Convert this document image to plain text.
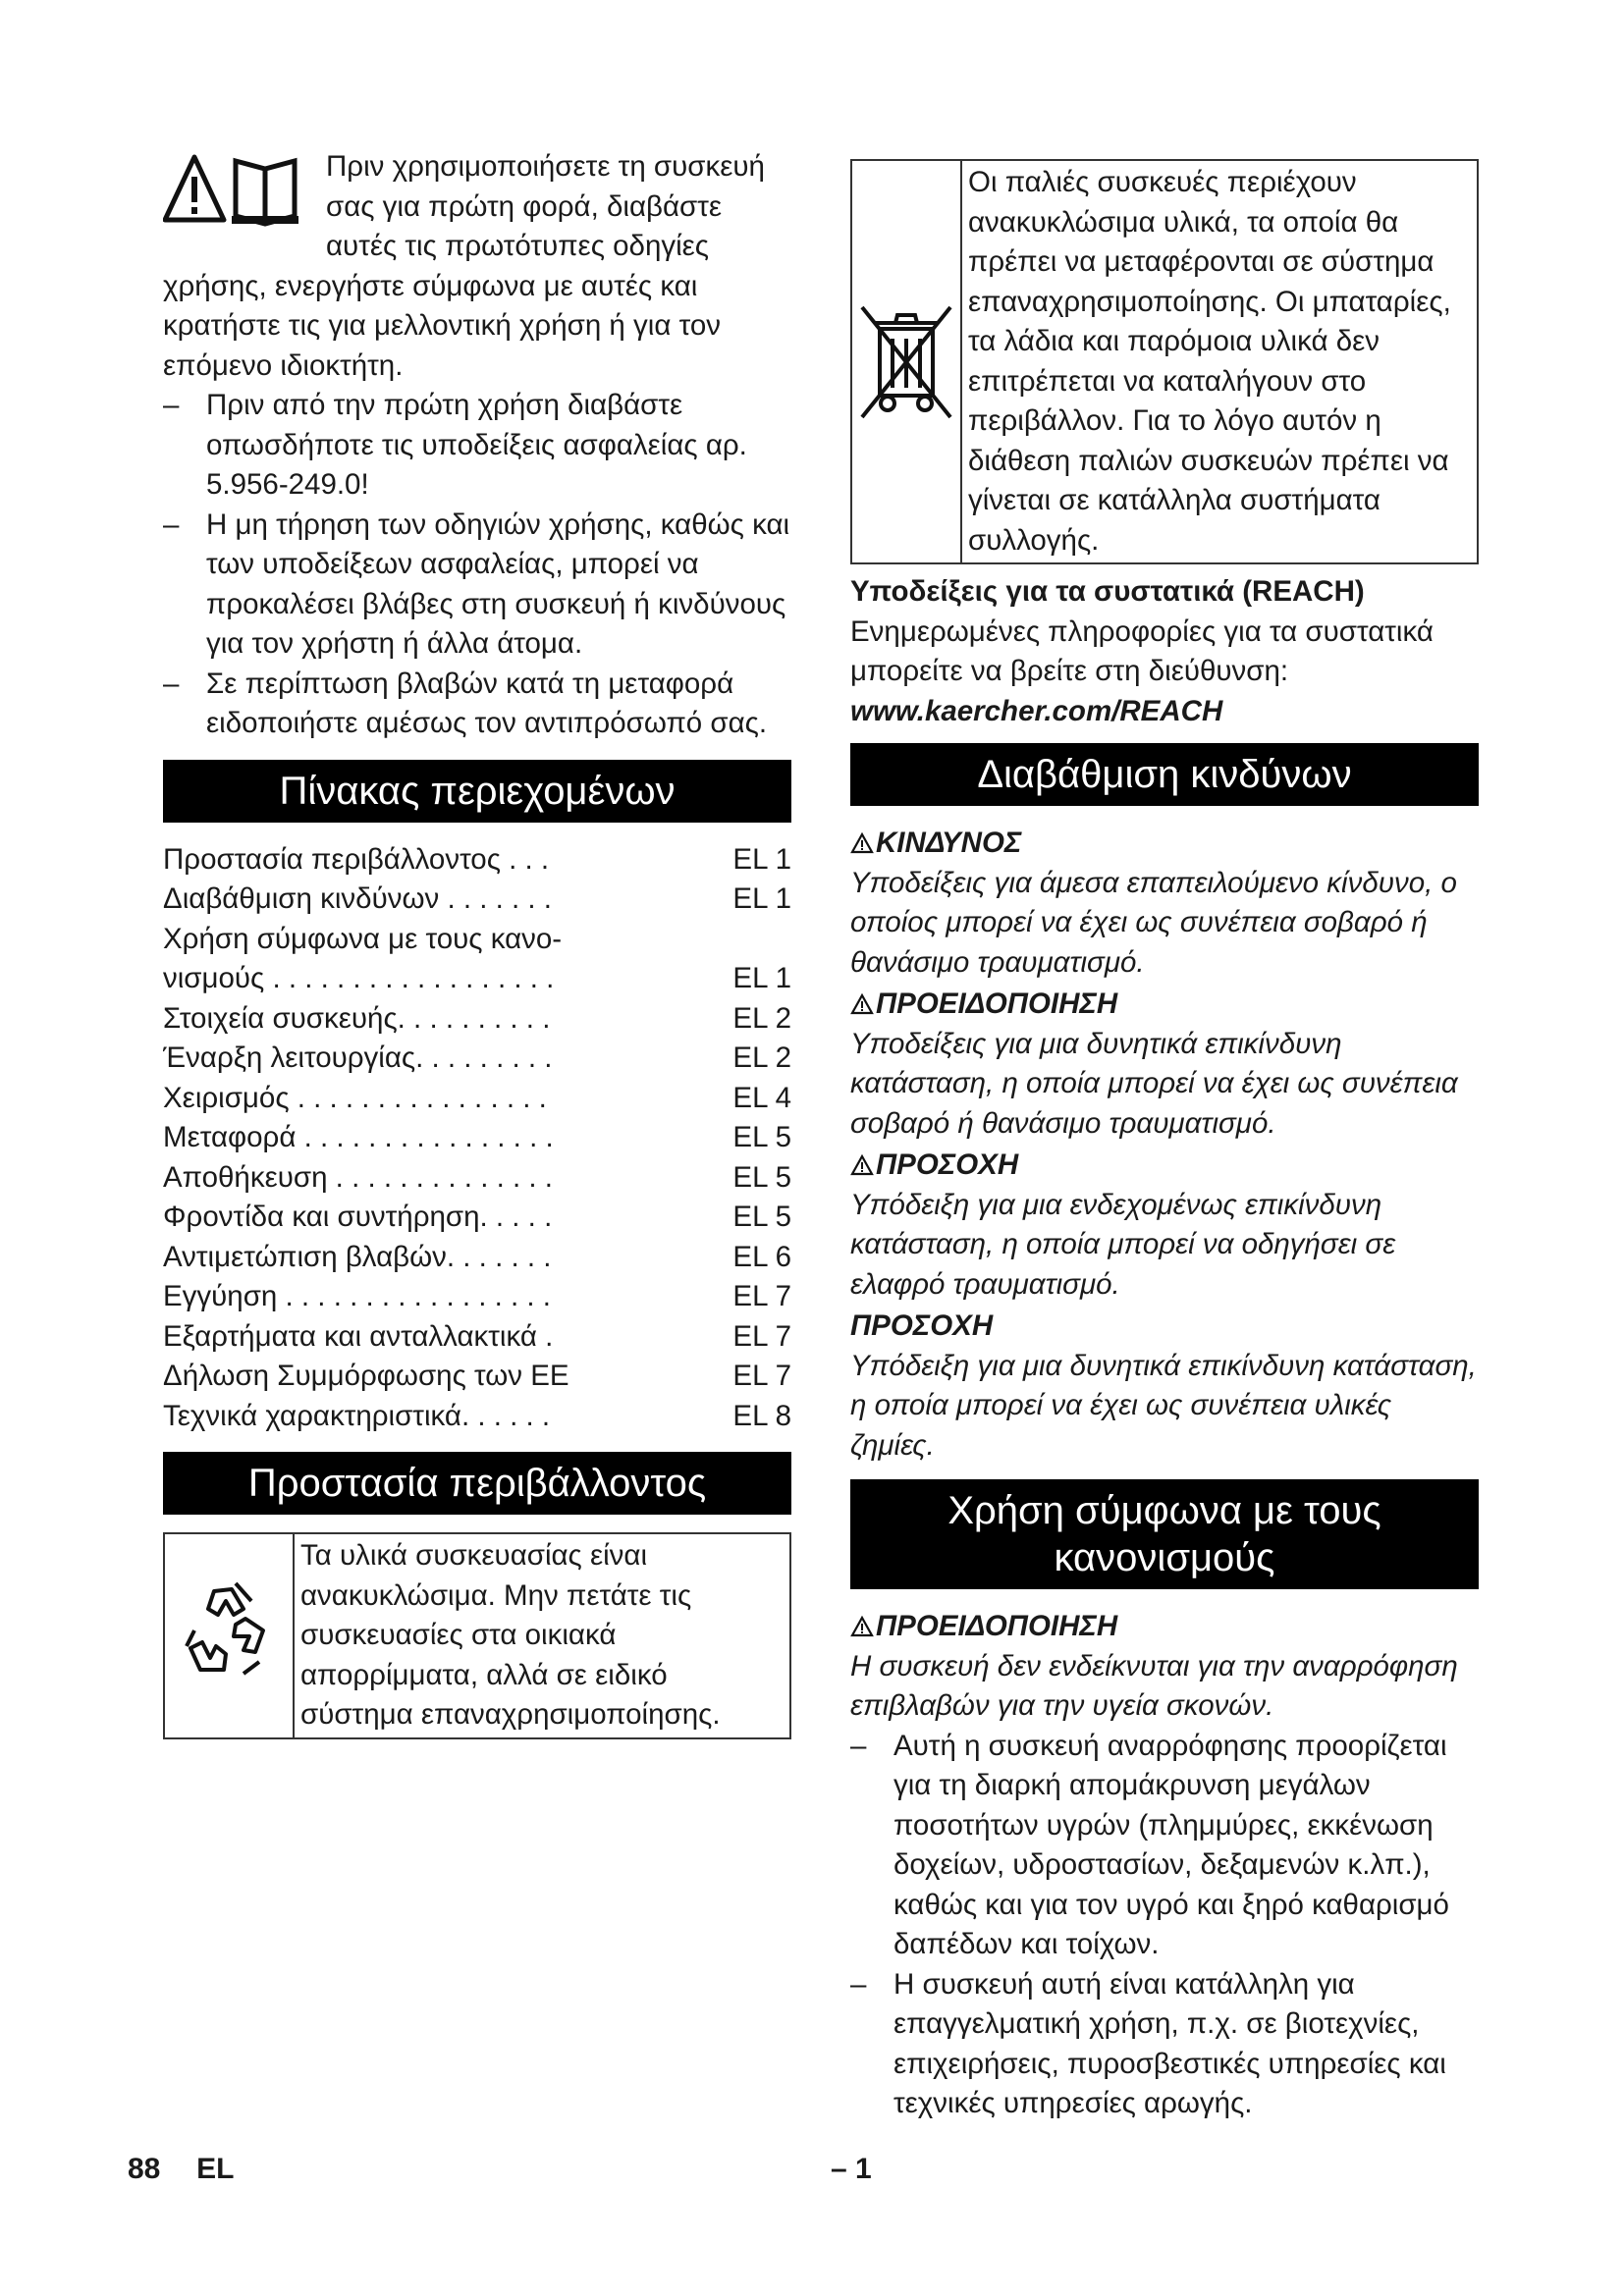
Πριν χρησιμοποιήσετε τη συσκευή σας για πρώτη φορά, διαβάστε αυτές τις πρωτότυπες οδηγίες χρήσης, ενεργήστε σύμφωνα με αυτές και κρατήστε τις για μελλοντική χρήση ή για τον επόμενο ιδιοκτήτη.

– Πριν από την πρώτη χρήση διαβάστε οπωσδήποτε τις υποδείξεις ασφαλείας αρ. 5.956-249.0!
– Η μη τήρηση των οδηγιών χρήσης, καθώς και των υποδείξεων ασφαλείας, μπορεί να προκαλέσει βλάβες στη συσκευή ή κινδύνους για τον χρήστη ή άλλα άτομα.
– Σε περίπτωση βλαβών κατά τη μεταφορά ειδοποιήστε αμέσως τον αντιπρόσωπό σας.
Πίνακας περιεχομένων
Προστασία περιβάλλοντος . . .	EL 1
Διαβάθμιση κινδύνων . . . . . . .	EL 1
Χρήση σύμφωνα με τους κανο-
νισμούς . . . . . . . . . . . . . . . . . .	EL 1
Στοιχεία συσκευής. . . . . . . . . .	EL 2
Έναρξη λειτουργίας. . . . . . . . .	EL 2
Χειρισμός . . . . . . . . . . . . . . . .	EL 4
Μεταφορά . . . . . . . . . . . . . . . .	EL 5
Αποθήκευση . . . . . . . . . . . . . .	EL 5
Φροντίδα και συντήρηση. . . . .	EL 5
Αντιμετώπιση βλαβών. . . . . . .	EL 6
Εγγύηση . . . . . . . . . . . . . . . . .	EL 7
Εξαρτήματα και ανταλλακτικά .	EL 7
Δήλωση Συμμόρφωσης των ΕΕ	EL 7
Τεχνικά χαρακτηριστικά. . . . . .	EL 8
Προστασία περιβάλλοντος
Τα υλικά συσκευασίας είναι ανακυκλώσιμα. Μην πετάτε τις συσκευασίες στα οικιακά απορρίμματα, αλλά σε ειδικό σύστημα επαναχρησιμοποίησης.
Οι παλιές συσκευές περιέχουν ανακυκλώσιμα υλικά, τα οποία θα πρέπει να μεταφέρονται σε σύστημα επαναχρησιμοποίησης. Οι μπαταρίες, τα λάδια και παρόμοια υλικά δεν επιτρέπεται να καταλήγουν στο περιβάλλον. Για το λόγο αυτόν η διάθεση παλιών συσκευών πρέπει να γίνεται σε κατάλληλα συστήματα συλλογής.
Υποδείξεις για τα συστατικά (REACH)
Ενημερωμένες πληροφορίες για τα συστατικά μπορείτε να βρείτε στη διεύθυνση:
www.kaercher.com/REACH
Διαβάθμιση κινδύνων
ΚΙΝΔΥΝΟΣ
Υποδείξεις για άμεσα επαπειλούμενο κίνδυνο, ο οποίος μπορεί να έχει ως συνέπεια σοβαρό ή θανάσιμο τραυματισμό.
ΠΡΟΕΙΔΟΠΟΙΗΣΗ
Υποδείξεις για μια δυνητικά επικίνδυνη κατάσταση, η οποία μπορεί να έχει ως συνέπεια σοβαρό ή θανάσιμο τραυματισμό.
ΠΡΟΣΟΧΗ
Υπόδειξη για μια ενδεχομένως επικίνδυνη κατάσταση, η οποία μπορεί να οδηγήσει σε ελαφρό τραυματισμό.
ΠΡΟΣΟΧΗ
Υπόδειξη για μια δυνητικά επικίνδυνη κατάσταση, η οποία μπορεί να έχει ως συνέπεια υλικές ζημίες.
Χρήση σύμφωνα με τους
κανονισμούς
ΠΡΟΕΙΔΟΠΟΙΗΣΗ
Η συσκευή δεν ενδείκνυται για την αναρρόφηση επιβλαβών για την υγεία σκονών.
– Αυτή η συσκευή αναρρόφησης προορίζεται για τη διαρκή απομάκρυνση μεγάλων ποσοτήτων υγρών (πλημμύρες, εκκένωση δοχείων, υδροστασίων, δεξαμενών κ.λπ.), καθώς και για τον υγρό και ξηρό καθαρισμό δαπέδων και τοίχων.
– Η συσκευή αυτή είναι κατάλληλη για επαγγελματική χρήση, π.χ. σε βιοτεχνίες, επιχειρήσεις, πυροσβεστικές υπηρεσίες και τεχνικές υπηρεσίες αρωγής.
88 EL	– 1
